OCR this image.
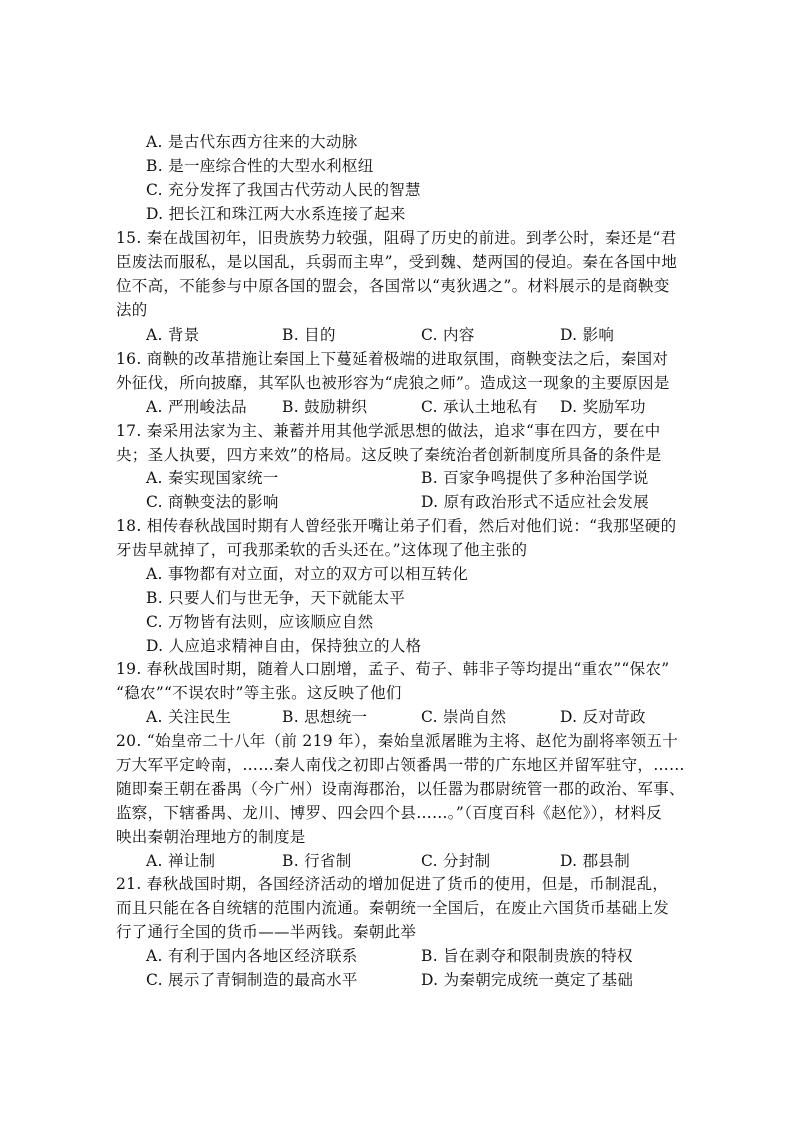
A. 是古代东西方往来的大动脉
B. 是一座综合性的大型水利枢纽
C. 充分发挥了我国古代劳动人民的智慧
D. 把长江和珠江两大水系连接了起来
15. 秦在战国初年，旧贵族势力较强，阻碍了历史的前进。到孝公时，秦还是“君
臣废法而服私，是以国乱，兵弱而主卑”，受到魏、楚两国的侵迫。秦在各国中地
位不高，不能参与中原各国的盟会，各国常以“夷狄遇之”。材料展示的是商鞅变
法的
A. 背景	B. 目的	C. 内容	D. 影响
16. 商鞅的改革措施让秦国上下蔓延着极端的进取氛围，商鞅变法之后，秦国对
外征伐，所向披靡，其军队也被形容为“虎狼之师”。造成这一现象的主要原因是
A. 严刑峻法品 B. 鼓励耕织	C. 承认土地私有 D. 奖励军功
17. 秦采用法家为主、兼蓄并用其他学派思想的做法，追求“事在四方，要在中
央；圣人执要，四方来效”的格局。这反映了秦统治者创新制度所具备的条件是
A. 秦实现国家统一	B. 百家争鸣提供了多种治国学说
C. 商鞅变法的影响	D. 原有政治形式不适应社会发展
18. 相传春秋战国时期有人曾经张开嘴让弟子们看，然后对他们说：“我那坚硬的
牙齿早就掉了，可我那柔软的舌头还在。”这体现了他主张的
A. 事物都有对立面，对立的双方可以相互转化
B. 只要人们与世无争，天下就能太平
C. 万物皆有法则，应该顺应自然
D. 人应追求精神自由，保持独立的人格
19. 春秋战国时期，随着人口剧增，孟子、荀子、韩非子等均提出“重农”“保农”
“稳农”“不误农时”等主张。这反映了他们
A. 关注民生	B. 思想统一	C. 崇尚自然	D. 反对苛政
20. “始皇帝二十八年（前 219 年），秦始皇派屠睢为主将、赵佗为副将率领五十
万大军平定岭南，……秦人南伐之初即占领番禺一带的广东地区并留军驻守，……
随即秦王朝在番禺（今广州）设南海郡治，以任嚣为郡尉统管一郡的政治、军事、
监察，下辖番禺、龙川、博罗、四会四个县……。”（百度百科《赵佗》），材料反
映出秦朝治理地方的制度是
A. 禅让制	B. 行省制	C. 分封制	D. 郡县制
21. 春秋战国时期，各国经济活动的增加促进了货币的使用，但是，币制混乱，
而且只能在各自统辖的范围内流通。秦朝统一全国后，在废止六国货币基础上发
行了通行全国的货币——半两钱。秦朝此举
A. 有利于国内各地区经济联系	B. 旨在剥夺和限制贵族的特权
C. 展示了青铜制造的最高水平	D. 为秦朝完成统一奠定了基础
